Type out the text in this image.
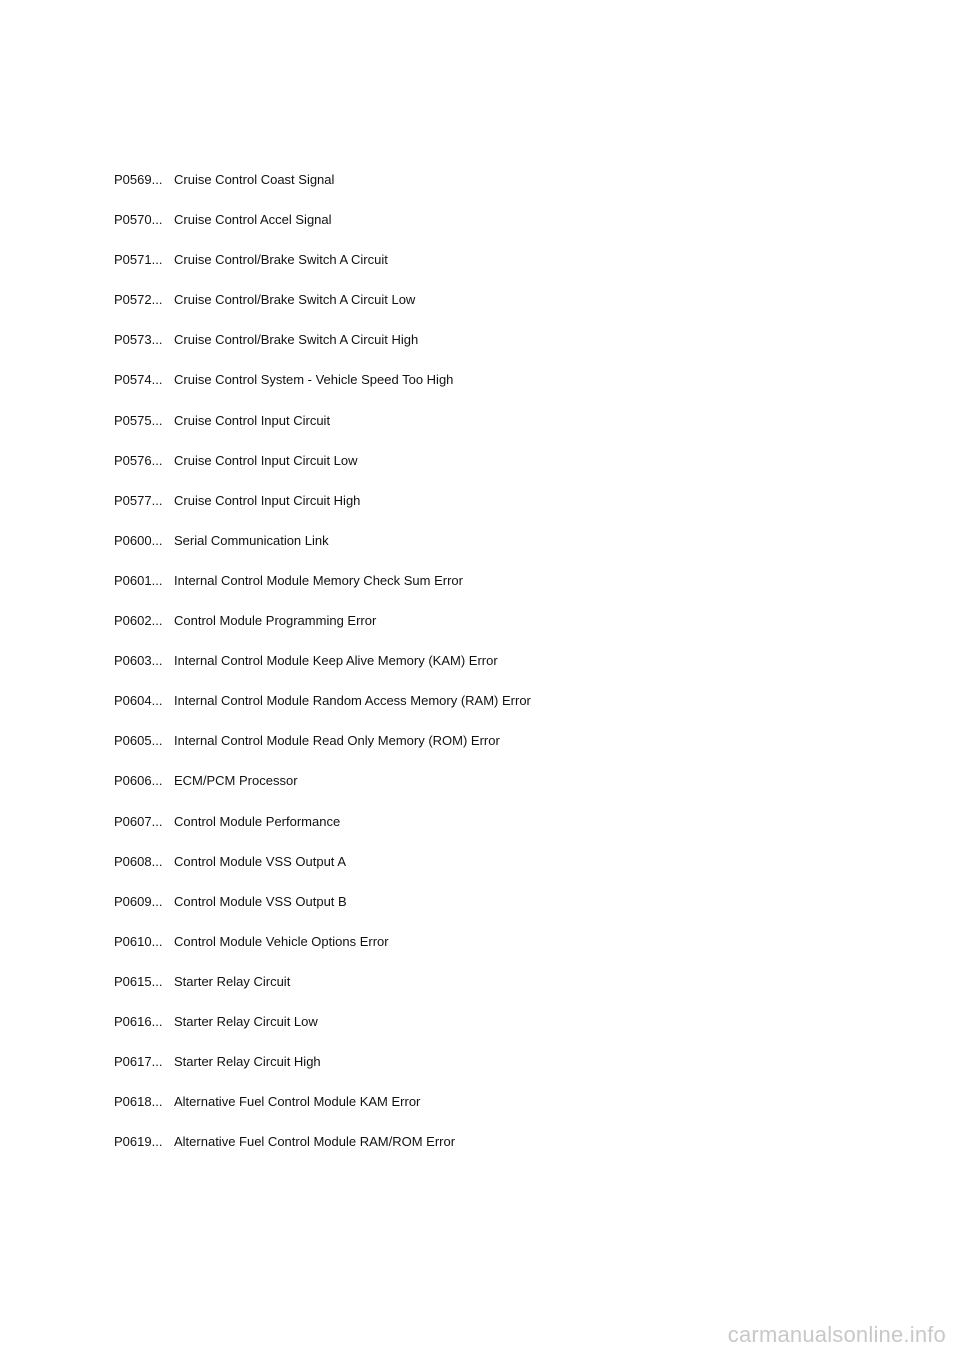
P0569... Cruise Control Coast Signal
P0570... Cruise Control Accel Signal
P0571... Cruise Control/Brake Switch A Circuit
P0572... Cruise Control/Brake Switch A Circuit Low
P0573... Cruise Control/Brake Switch A Circuit High
P0574... Cruise Control System - Vehicle Speed Too High
P0575... Cruise Control Input Circuit
P0576... Cruise Control Input Circuit Low
P0577... Cruise Control Input Circuit High
P0600... Serial Communication Link
P0601... Internal Control Module Memory Check Sum Error
P0602... Control Module Programming Error
P0603... Internal Control Module Keep Alive Memory (KAM) Error
P0604... Internal Control Module Random Access Memory (RAM) Error
P0605... Internal Control Module Read Only Memory (ROM) Error
P0606... ECM/PCM Processor
P0607... Control Module Performance
P0608... Control Module VSS Output A
P0609... Control Module VSS Output B
P0610... Control Module Vehicle Options Error
P0615... Starter Relay Circuit
P0616... Starter Relay Circuit Low
P0617... Starter Relay Circuit High
P0618... Alternative Fuel Control Module KAM Error
P0619... Alternative Fuel Control Module RAM/ROM Error
carmanualsonline.info
